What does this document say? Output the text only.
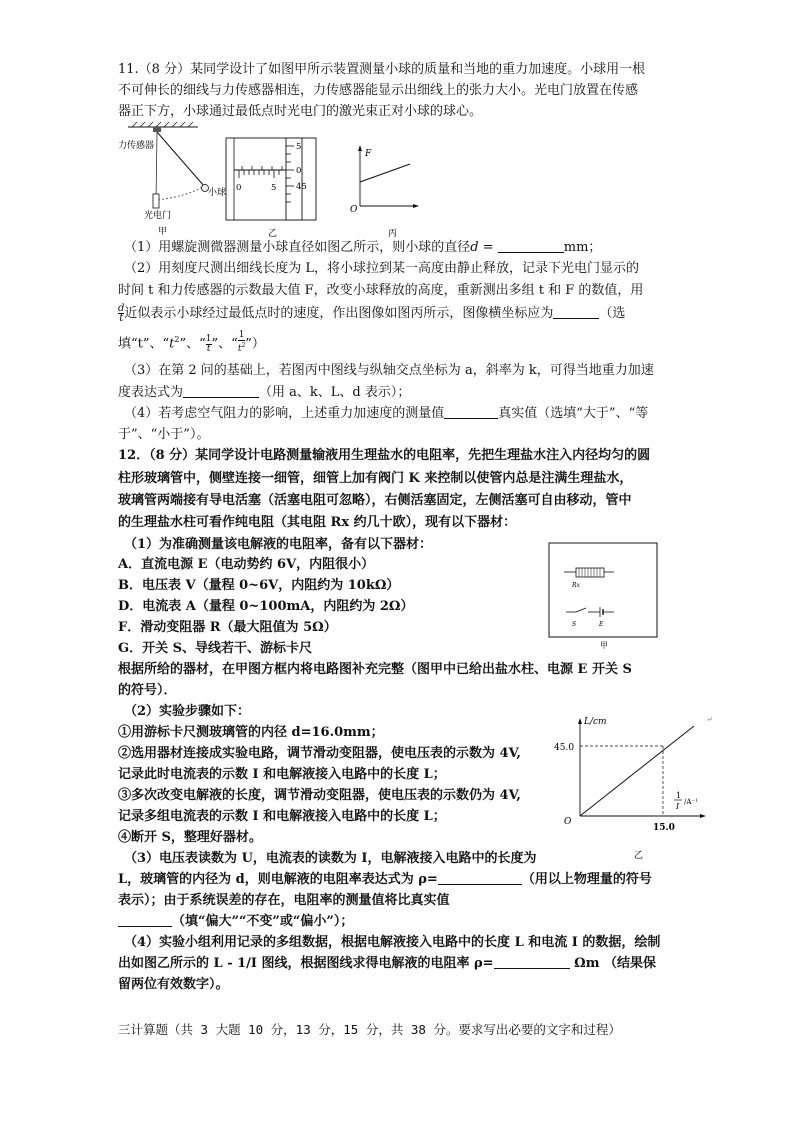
11.（8 分）某同学设计了如图甲所示装置测量小球的质量和当地的重力加速度。小球用一根
不可伸长的细线与力传感器相连，力传感器能显示出细线上的张力大小。光电门放置在传感
器正下方，小球通过最低点时光电门的激光束正对小球的球心。
力传感器
小球
光电门
甲
5
0
45
0	5
乙
F
O
丙
（1）用螺旋测微器测量小球直径如图乙所示，则小球的直径d =	mm；
（2）用刻度尺测出细线长度为 L，将小球拉到某一高度由静止释放，记录下光电门显示的
时间 t 和力传感器的示数最大值 F，改变小球释放的高度，重新测出多组 t 和 F 的数值，用
$\frac{d}{t}$ 近似表示小球经过最低点时的速度，作出图像如图丙所示，图像横坐标应为	（选
填“t”、“$t^2$”、“ $\frac{1}{t}$ ”、“ $\frac{1}{t^2}$ ”）
（3）在第 2 问的基础上，若图丙中图线与纵轴交点坐标为 a，斜率为 k，可得当地重力加速
度表达式为	（用 a、k、L、d 表示）；
（4）若考虑空气阻力的影响，上述重力加速度的测量值	真实值（选填“大于”、“等
于”、“小于”）。
12．（8 分）某同学设计电路测量输液用生理盐水的电阻率，先把生理盐水注入内径均匀的圆
柱形玻璃管中，侧壁连接一细管，细管上加有阀门 K 来控制以使管内总是注满生理盐水，
玻璃管两端接有导电活塞（活塞电阻可忽略），右侧活塞固定，左侧活塞可自由移动，管中
的生理盐水柱可看作纯电阻（其电阻 Rx 约几十欧），现有以下器材：
（1）为准确测量该电解液的电阻率，备有以下器材：
A．直流电源 E（电动势约 6V，内阻很小）
B．电压表 V（量程 0~6V，内阻约为 10kΩ）
D．电流表 A（量程 0~100mA，内阻约为 2Ω）
F．滑动变阻器 R（最大阻值为 5Ω）
G．开关 S、导线若干、游标卡尺
根据所给的器材，在甲图方框内将电路图补充完整（图甲中已给出盐水柱、电源 E 开关 S
的符号）．
Rx
S	E
甲
（2）实验步骤如下：
①用游标卡尺测玻璃管的内径 d=16.0mm；
②选用器材连接成实验电路，调节滑动变阻器，使电压表的示数为 4V,
记录此时电流表的示数 I 和电解液接入电路中的长度 L；
③多次改变电解液的长度，调节滑动变阻器，使电压表的示数仍为 4V,
记录多组电流表的示数 I 和电解液接入电路中的长度 L；
④断开 S，整理好器材。
L/cm
45.0
15.0
O
1
I /A⁻¹
乙
↵
（3）电压表读数为 U，电流表的读数为 I，电解液接入电路中的长度为
L，玻璃管的内径为 d，则电解液的电阻率表达式为 ρ=	（用以上物理量的符号
表示）；由于系统误差的存在，电阻率的测量值将比真实值
（填“偏大”“不变”或“偏小”）；
（4）实验小组利用记录的多组数据，根据电解液接入电路中的长度 L 和电流 I 的数据，绘制
出如图乙所示的 L - 1/I 图线，根据图线求得电解液的电阻率 ρ=	Ωm （结果保
留两位有效数字）。
三计算题（共 3 大题 10 分，13 分，15 分，共 38 分。要求写出必要的文字和过程）
